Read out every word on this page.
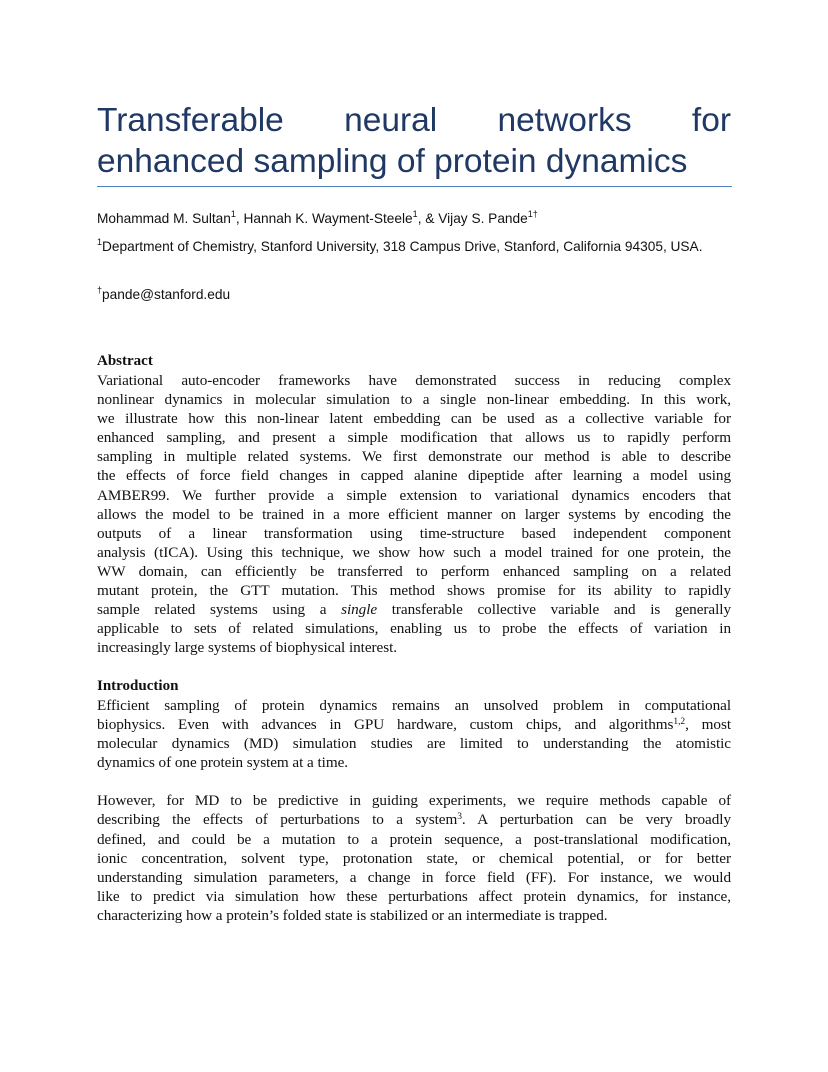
Transferable neural networks for
enhanced sampling of protein dynamics
Mohammad M. Sultan$^1$, Hannah K. Wayment-Steele$^1$, & Vijay S. Pande$^{1\dagger}$
$^1$Department of Chemistry, Stanford University, 318 Campus Drive, Stanford, California 94305, USA.
†pande@stanford.edu

Abstract

Variational auto-encoder frameworks have demonstrated success in reducing complex
nonlinear dynamics in molecular simulation to a single non-linear embedding. In this work,
we illustrate how this non-linear latent embedding can be used as a collective variable for
enhanced sampling, and present a simple modification that allows us to rapidly perform
sampling in multiple related systems. We first demonstrate our method is able to describe
the effects of force field changes in capped alanine dipeptide after learning a model using
AMBER99. We further provide a simple extension to variational dynamics encoders that
allows the model to be trained in a more efficient manner on larger systems by encoding the
outputs of a linear transformation using time-structure based independent component
analysis (tICA). Using this technique, we show how such a model trained for one protein, the
WW domain, can efficiently be transferred to perform enhanced sampling on a related
mutant protein, the GTT mutation. This method shows promise for its ability to rapidly
sample related systems using a single transferable collective variable and is generally
applicable to sets of related simulations, enabling us to probe the effects of variation in
increasingly large systems of biophysical interest.

Introduction

Efficient sampling of protein dynamics remains an unsolved problem in computational
biophysics. Even with advances in GPU hardware, custom chips, and algorithms$^{1,2}$, most
molecular dynamics (MD) simulation studies are limited to understanding the atomistic
dynamics of one protein system at a time.
However, for MD to be predictive in guiding experiments, we require methods capable of
describing the effects of perturbations to a system$^3$. A perturbation can be very broadly
defined, and could be a mutation to a protein sequence, a post-translational modification,
ionic concentration, solvent type, protonation state, or chemical potential, or for better
understanding simulation parameters, a change in force field (FF). For instance, we would
like to predict via simulation how these perturbations affect protein dynamics, for instance,
characterizing how a protein’s folded state is stabilized or an intermediate is trapped.
